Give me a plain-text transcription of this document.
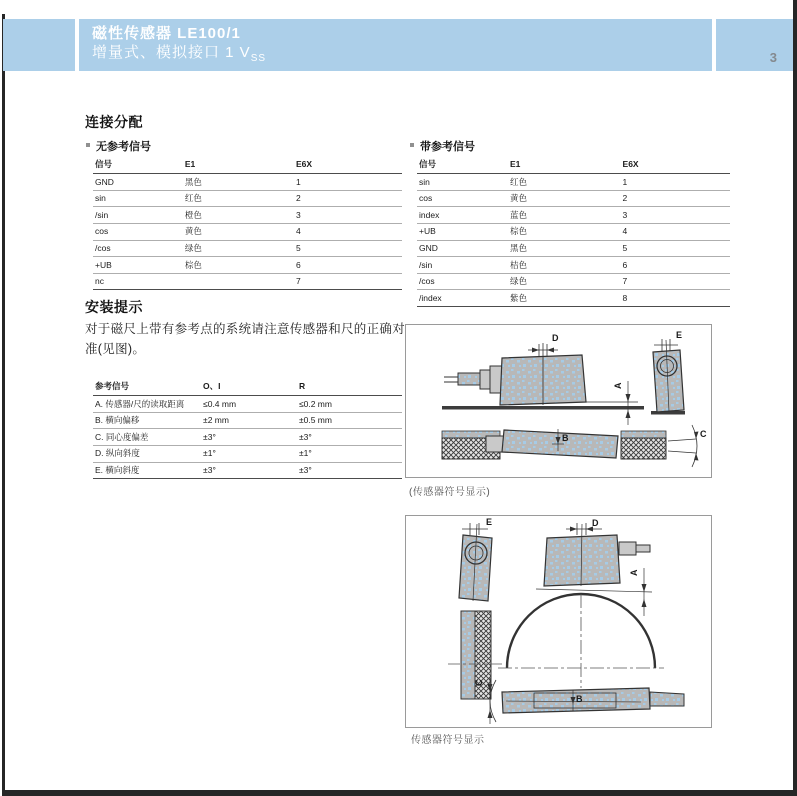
磁性传感器 LE100/1
增量式、模拟接口 1 $V_{SS}$	3
连接分配
无参考信号
信号	E1	E6X
GND	黑色	1
sin	红色	2
/sin	橙色	3
cos	黄色	4
/cos	绿色	5
+UB	棕色	6
nc		7
带参考信号
信号	E1	E6X
sin	红色	1
cos	黄色	2
index	蓝色	3
+UB	棕色	4
GND	黑色	5
/sin	桔色	6
/cos	绿色	7
/index	紫色	8
安装提示
对于磁尺上带有参考点的系统请注意传感器和尺的正确对准(见图)。
参考信号	O、I	R
A. 传感器/尺的读取距离	≤0.4 mm	≤0.2 mm
B. 横向偏移	±2 mm	±0.5 mm
C. 同心度偏差	±3°	±3°
D. 纵向斜度	±1°	±1°
E. 横向斜度	±3°	±3°
D
A
E
B	C
(传感器符号显示)
E	D
A
B
C
传感器符号显示
